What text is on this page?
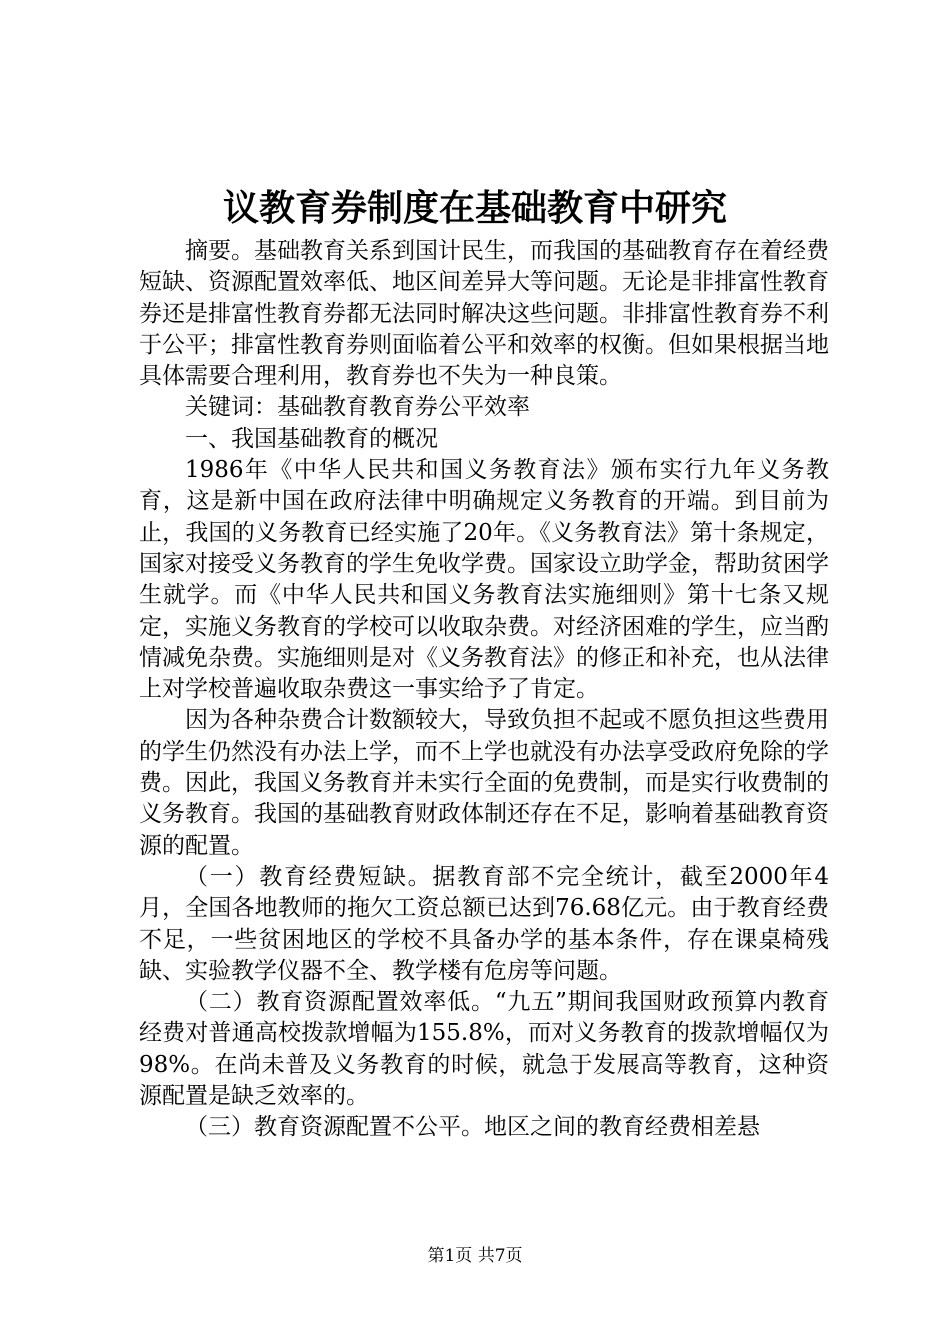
议教育券制度在基础教育中研究

摘要。基础教育关系到国计民生，而我国的基础教育存在着经费短缺、资源配置效率低、地区间差异大等问题。无论是非排富性教育券还是排富性教育券都无法同时解决这些问题。非排富性教育券不利于公平；排富性教育券则面临着公平和效率的权衡。但如果根据当地具体需要合理利用，教育券也不失为一种良策。

关键词：基础教育教育券公平效率

一、我国基础教育的概况

1986年《中华人民共和国义务教育法》颁布实行九年义务教育，这是新中国在政府法律中明确规定义务教育的开端。到目前为止，我国的义务教育已经实施了20年。《义务教育法》第十条规定，国家对接受义务教育的学生免收学费。国家设立助学金，帮助贫困学生就学。而《中华人民共和国义务教育法实施细则》第十七条又规定，实施义务教育的学校可以收取杂费。对经济困难的学生，应当酌情减免杂费。实施细则是对《义务教育法》的修正和补充，也从法律上对学校普遍收取杂费这一事实给予了肯定。

因为各种杂费合计数额较大，导致负担不起或不愿负担这些费用的学生仍然没有办法上学，而不上学也就没有办法享受政府免除的学费。因此，我国义务教育并未实行全面的免费制，而是实行收费制的义务教育。我国的基础教育财政体制还存在不足，影响着基础教育资源的配置。

（一）教育经费短缺。据教育部不完全统计，截至2000年4月，全国各地教师的拖欠工资总额已达到76.68亿元。由于教育经费不足，一些贫困地区的学校不具备办学的基本条件，存在课桌椅残缺、实验教学仪器不全、教学楼有危房等问题。

（二）教育资源配置效率低。“九五”期间我国财政预算内教育经费对普通高校拨款增幅为155.8%，而对义务教育的拨款增幅仅为98%。在尚未普及义务教育的时候，就急于发展高等教育，这种资源配置是缺乏效率的。

（三）教育资源配置不公平。地区之间的教育经费相差悬

第1页 共7页
